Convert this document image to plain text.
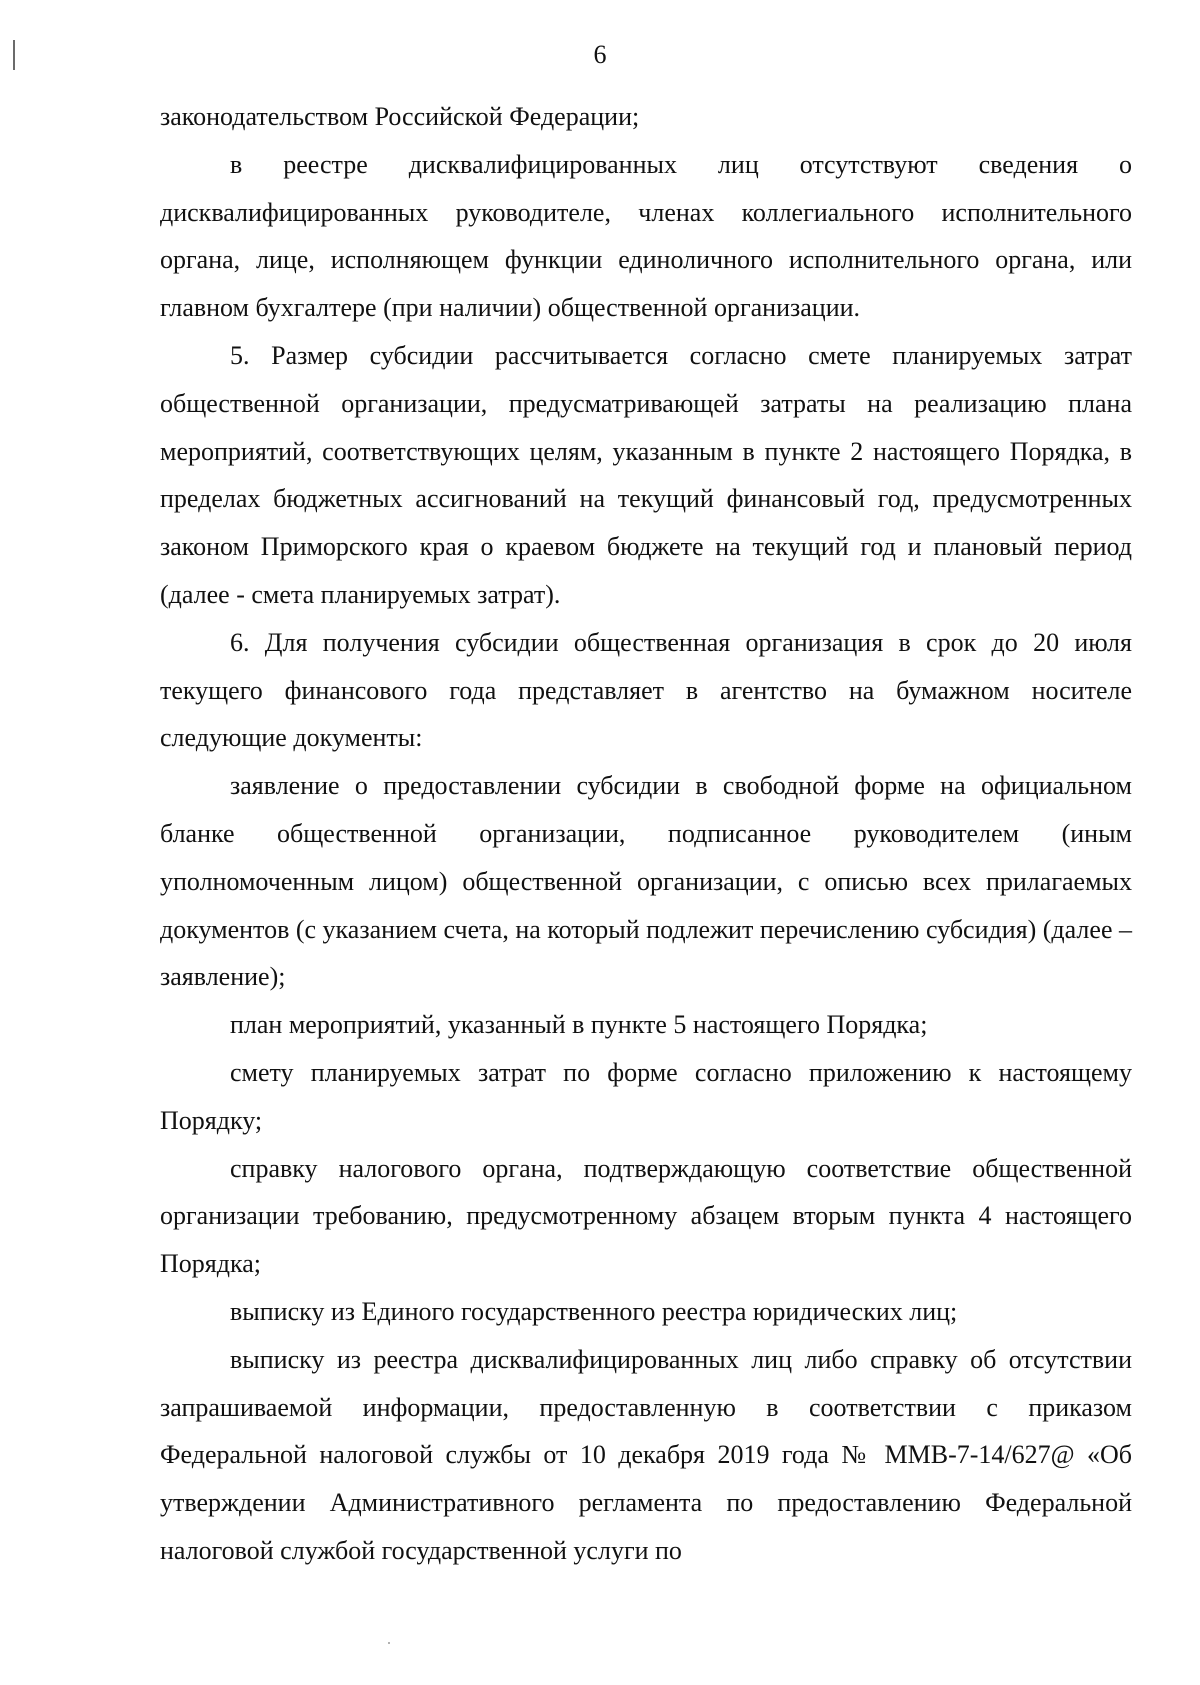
6

законодательством Российской Федерации;

в реестре дисквалифицированных лиц отсутствуют сведения о дисквалифицированных руководителе, членах коллегиального исполнительного органа, лице, исполняющем функции единоличного исполнительного органа, или главном бухгалтере (при наличии) общественной организации.

5. Размер субсидии рассчитывается согласно смете планируемых затрат общественной организации, предусматривающей затраты на реализацию плана мероприятий, соответствующих целям, указанным в пункте 2 настоящего Порядка, в пределах бюджетных ассигнований на текущий финансовый год, предусмотренных законом Приморского края о краевом бюджете на текущий год и плановый период (далее - смета планируемых затрат).

6. Для получения субсидии общественная организация в срок до 20 июля текущего финансового года представляет в агентство на бумажном носителе следующие документы:

заявление о предоставлении субсидии в свободной форме на официальном бланке общественной организации, подписанное руководителем (иным уполномоченным лицом) общественной организации, с описью всех прилагаемых документов (с указанием счета, на который подлежит перечислению субсидия) (далее – заявление);

план мероприятий, указанный в пункте 5 настоящего Порядка;

смету планируемых затрат по форме согласно приложению к настоящему Порядку;

справку налогового органа, подтверждающую соответствие общественной организации требованию, предусмотренному абзацем вторым пункта 4 настоящего Порядка;

выписку из Единого государственного реестра юридических лиц;

выписку из реестра дисквалифицированных лиц либо справку об отсутствии запрашиваемой информации, предоставленную в соответствии с приказом Федеральной налоговой службы от 10 декабря 2019 года № ММВ-7-14/627@ «Об утверждении Административного регламента по предоставлению Федеральной налоговой службой государственной услуги по
